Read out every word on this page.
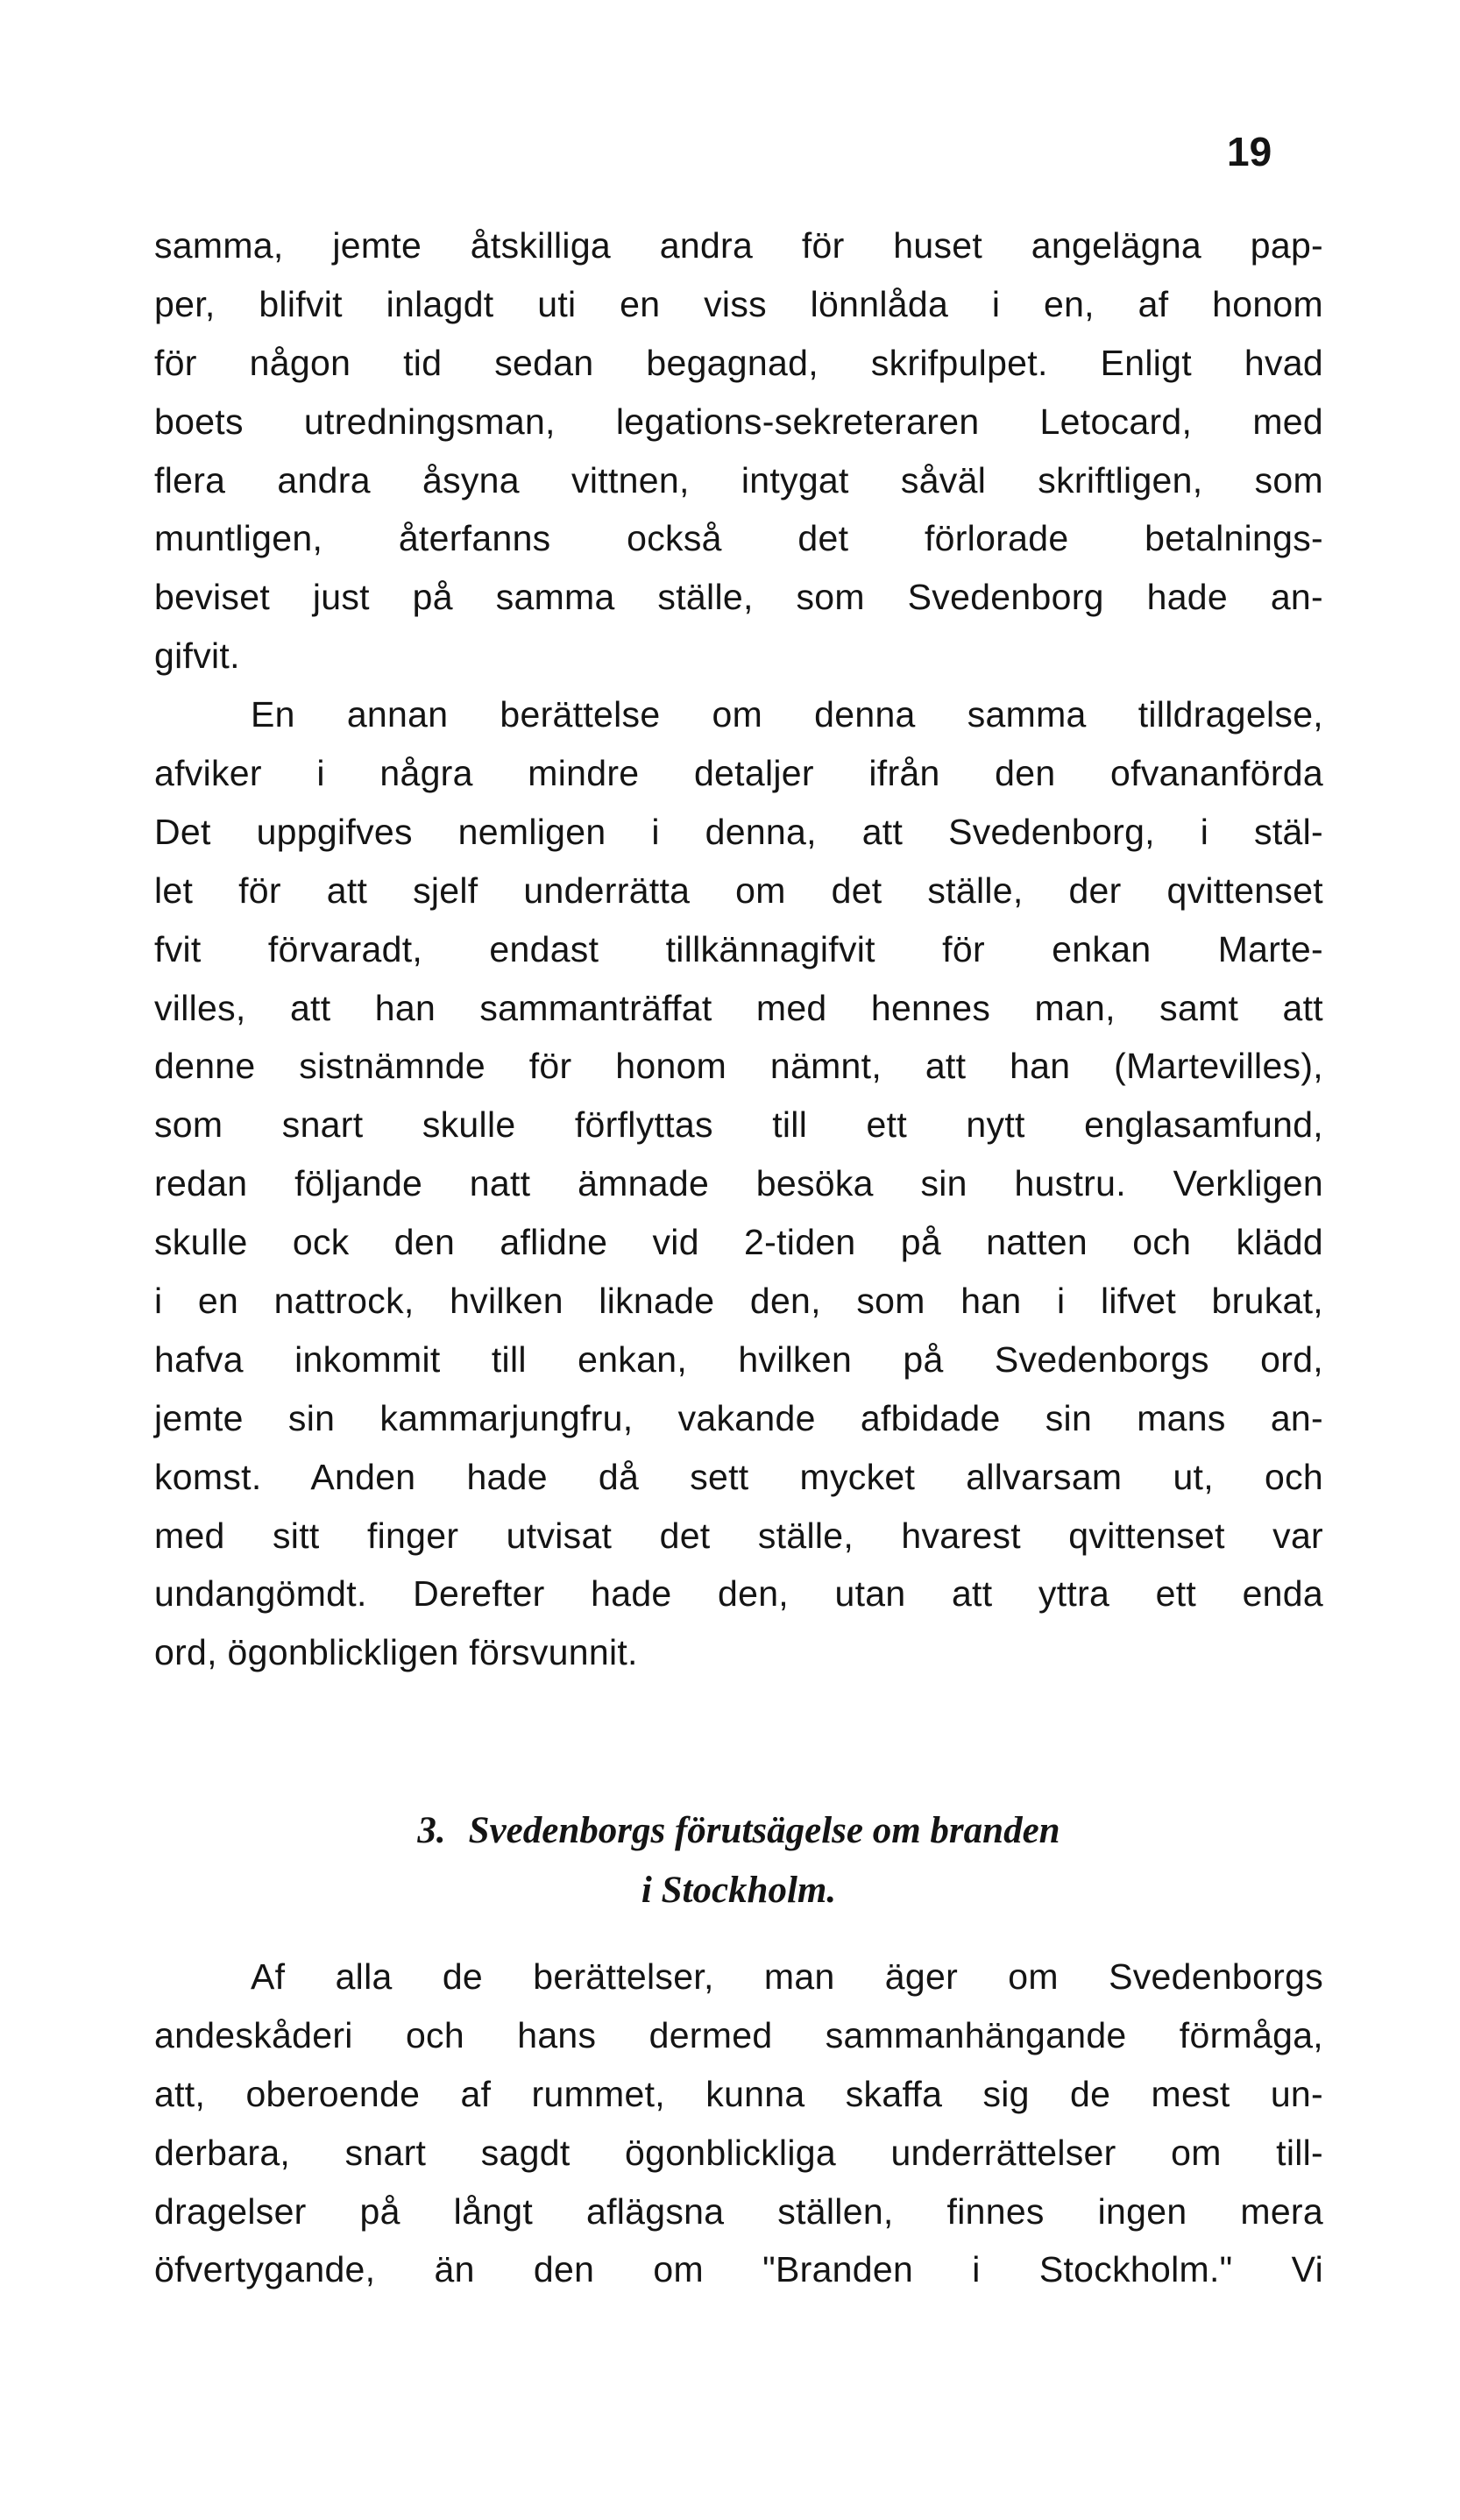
19
samma, jemte åtskilliga andra för huset angelägna pap-
per, blifvit inlagdt uti en viss lönnlåda i en, af honom
för någon tid sedan begagnad, skrifpulpet. Enligt hvad
boets utredningsman, legations-sekreteraren Letocard, med
flera andra åsyna vittnen, intygat såväl skriftligen, som
muntligen, återfanns också det förlorade betalnings-
beviset just på samma ställe, som Svedenborg hade an-
gifvit.
En annan berättelse om denna samma tilldragelse,
afviker i några mindre detaljer ifrån den ofvananförda
Det uppgifves nemligen i denna, att Svedenborg, i stäl-
let för att sjelf underrätta om det ställe, der qvittenset
fvit förvaradt, endast tillkännagifvit för enkan Marte-
villes, att han sammanträffat med hennes man, samt att
denne sistnämnde för honom nämnt, att han (Martevilles),
som snart skulle förflyttas till ett nytt englasamfund,
redan följande natt ämnade besöka sin hustru. Verkligen
skulle ock den aflidne vid 2-tiden på natten och klädd
i en nattrock, hvilken liknade den, som han i lifvet brukat,
hafva inkommit till enkan, hvilken på Svedenborgs ord,
jemte sin kammarjungfru, vakande afbidade sin mans an-
komst. Anden hade då sett mycket allvarsam ut, och
med sitt finger utvisat det ställe, hvarest qvittenset var
undangömdt. Derefter hade den, utan att yttra ett enda
ord, ögonblickligen försvunnit.
3. Svedenborgs förutsägelse om branden
i Stockholm.
Af alla de berättelser, man äger om Svedenborgs
andeskåderi och hans dermed sammanhängande förmåga,
att, oberoende af rummet, kunna skaffa sig de mest un-
derbara, snart sagdt ögonblickliga underrättelser om till-
dragelser på långt aflägsna ställen, finnes ingen mera
öfvertygande, än den om "Branden i Stockholm." Vi
